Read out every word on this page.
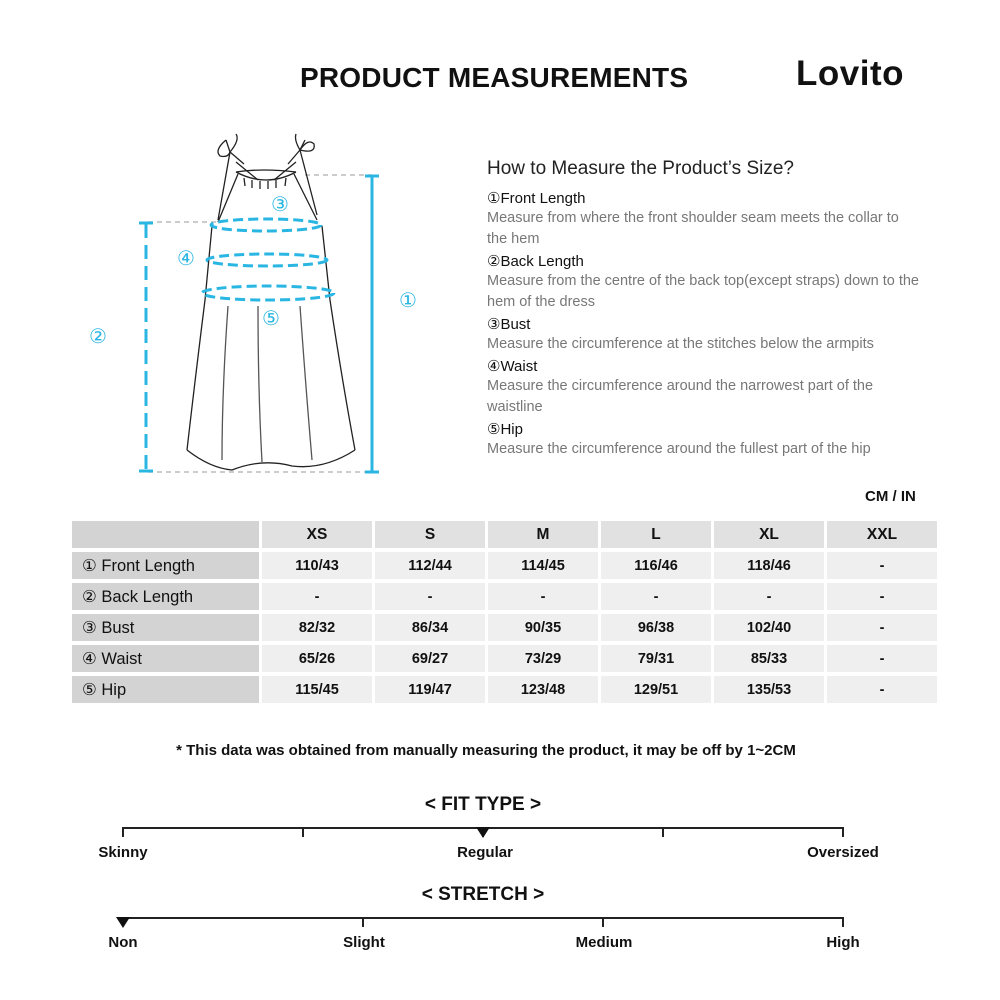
PRODUCT MEASUREMENTS	Lovito
①
②
③
④
⑤
How to Measure the Product’s Size?
①Front Length
Measure from where the front shoulder seam meets the collar to the hem
②Back Length
Measure from the centre of the back top(except straps) down to the hem of the dress
③Bust
Measure the circumference at the stitches below the armpits
④Waist
Measure the circumference around the narrowest part of the waistline
⑤Hip
Measure the circumference around the fullest part of the hip
CM / IN
	XS	S	M	L	XL	XXL
① Front Length	110/43	112/44	114/45	116/46	118/46	-
② Back Length	-	-	-	-	-	-
③ Bust	82/32	86/34	90/35	96/38	102/40	-
④ Waist	65/26	69/27	73/29	79/31	85/33	-
⑤ Hip	115/45	119/47	123/48	129/51	135/53	-
* This data was obtained from manually measuring the product, it may be off by 1~2CM
< FIT TYPE >
Skinny	Regular	Oversized
< STRETCH >
Non	Slight	Medium	High
